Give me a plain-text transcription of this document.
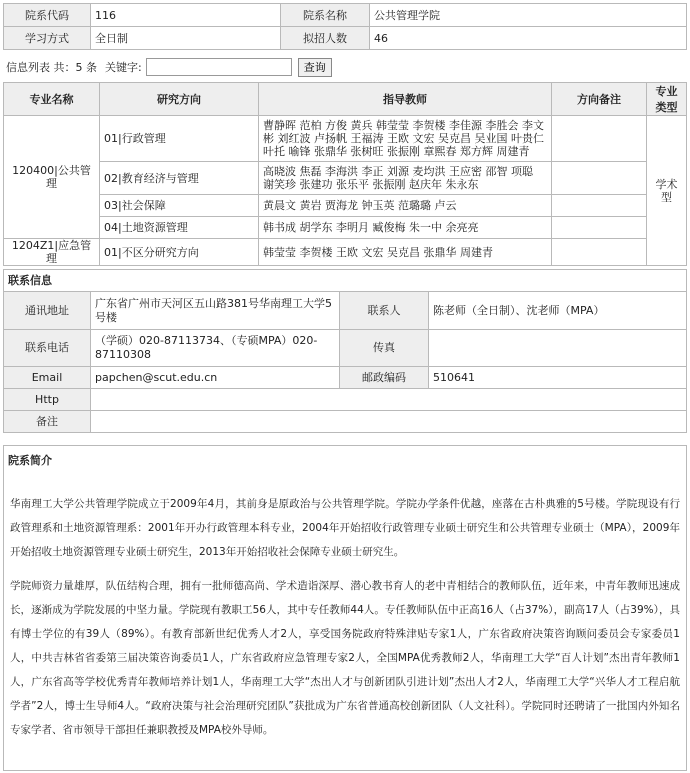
院系代码	116	院系名称	公共管理学院
学习方式	全日制	拟招人数	46
信息列表 共：5 条 关键字:	查询
专业名称	研究方向	指导教师	方向备注	专业类型
120400|公共管理	01|行政管理	曹静晖 范柏 方俊 黄兵 韩莹莹 李贺楼 李佳源 李胜会 李文彬 刘红波 卢扬帆 王福涛 王欧 文宏 吴克昌 吴业国 叶贵仁 叶托 喻锋 张鼎华 张树旺 张振刚 章熙春 郑方辉 周建青		学术型
	02|教育经济与管理	高晓波 焦磊 李海洪 李正 刘源 麦均洪 王应密 邵智 项聪 谢笑珍 张建功 张乐平 张振刚 赵庆年 朱永东		
	03|社会保障	黄晨文 黄岩 贾海龙 钟玉英 范璐璐 卢云		
	04|土地资源管理	韩书成 胡学东 李明月 臧俊梅 朱一中 余亮亮		
1204Z1|应急管理	01|不区分研究方向	韩莹莹 李贺楼 王欧 文宏 吴克昌 张鼎华 周建青		
联系信息			
通讯地址	广东省广州市天河区五山路381号华南理工大学5号楼	联系人	陈老师（全日制）、沈老师（MPA）
联系电话	（学硕）020-87113734、（专硕MPA）020-87110308	传真	
Email	papchen@scut.edu.cn	邮政编码	510641
Http			
备注			
院系简介

华南理工大学公共管理学院成立于2009年4月，其前身是原政治与公共管理学院。学院办学条件优越，座落在古朴典雅的5号楼。学院现设有行政管理系和土地资源管理系：2001年开办行政管理本科专业，2004年开始招收行政管理专业硕士研究生和公共管理专业硕士（MPA），2009年开始招收土地资源管理专业硕士研究生，2013年开始招收社会保障专业硕士研究生。

学院师资力量雄厚，队伍结构合理，拥有一批师德高尚、学术造诣深厚、潜心教书育人的老中青相结合的教师队伍，近年来，中青年教师迅速成长，逐渐成为学院发展的中坚力量。学院现有教职工56人，其中专任教师44人。专任教师队伍中正高16人（占37%），副高17人（占39%），具有博士学位的有39人（89%）。有教育部新世纪优秀人才2人，享受国务院政府特殊津贴专家1人，广东省政府决策咨询顾问委员会专家委员1人，中共吉林省省委第三届决策咨询委员1人，广东省政府应急管理专家2人，全国MPA优秀教师2人，华南理工大学“百人计划”杰出青年教师1人，广东省高等学校优秀青年教师培养计划1人，华南理工大学“杰出人才与创新团队引进计划”杰出人才2人，华南理工大学“兴华人才工程启航学者”2人，博士生导师4人。“政府决策与社会治理研究团队”获批成为广东省普通高校创新团队（人文社科）。学院同时还聘请了一批国内外知名专家学者、省市领导干部担任兼职教授及MPA校外导师。
